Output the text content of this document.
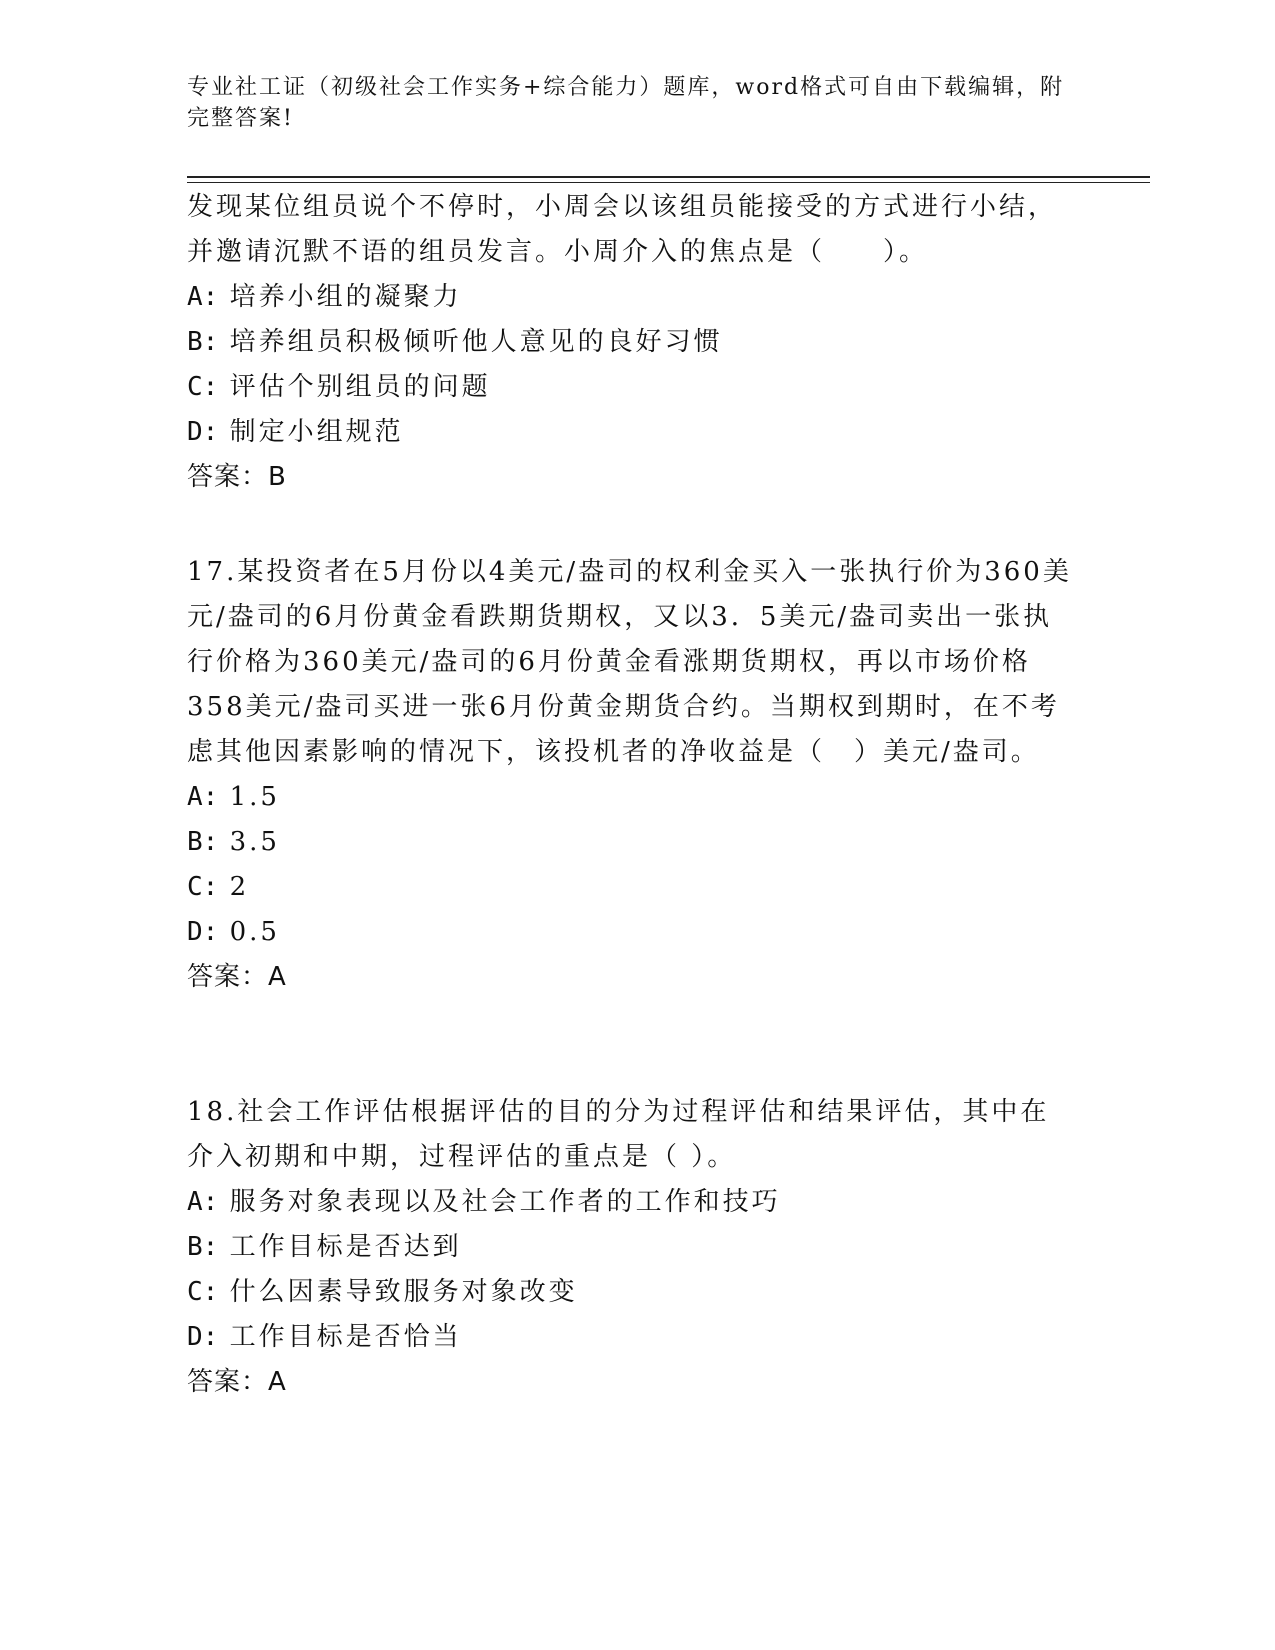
专业社工证（初级社会工作实务+综合能力）题库，word格式可自由下载编辑，附完整答案!

发现某位组员说个不停时，小周会以该组员能接受的方式进行小结，并邀请沉默不语的组员发言。小周介入的焦点是（　　）。

A: 培养小组的凝聚力

B: 培养组员积极倾听他人意见的良好习惯

C: 评估个别组员的问题

D: 制定小组规范

答案：B

17.某投资者在5月份以4美元/盎司的权利金买入一张执行价为360美元/盎司的6月份黄金看跌期货期权，又以3．5美元/盎司卖出一张执行价格为360美元/盎司的6月份黄金看涨期货期权，再以市场价格358美元/盎司买进一张6月份黄金期货合约。当期权到期时，在不考虑其他因素影响的情况下，该投机者的净收益是（　）美元/盎司。

A: 1.5

B: 3.5

C: 2

D: 0.5

答案：A

18.社会工作评估根据评估的目的分为过程评估和结果评估，其中在介入初期和中期，过程评估的重点是（ ）。

A: 服务对象表现以及社会工作者的工作和技巧

B: 工作目标是否达到

C: 什么因素导致服务对象改变

D: 工作目标是否恰当

答案：A
